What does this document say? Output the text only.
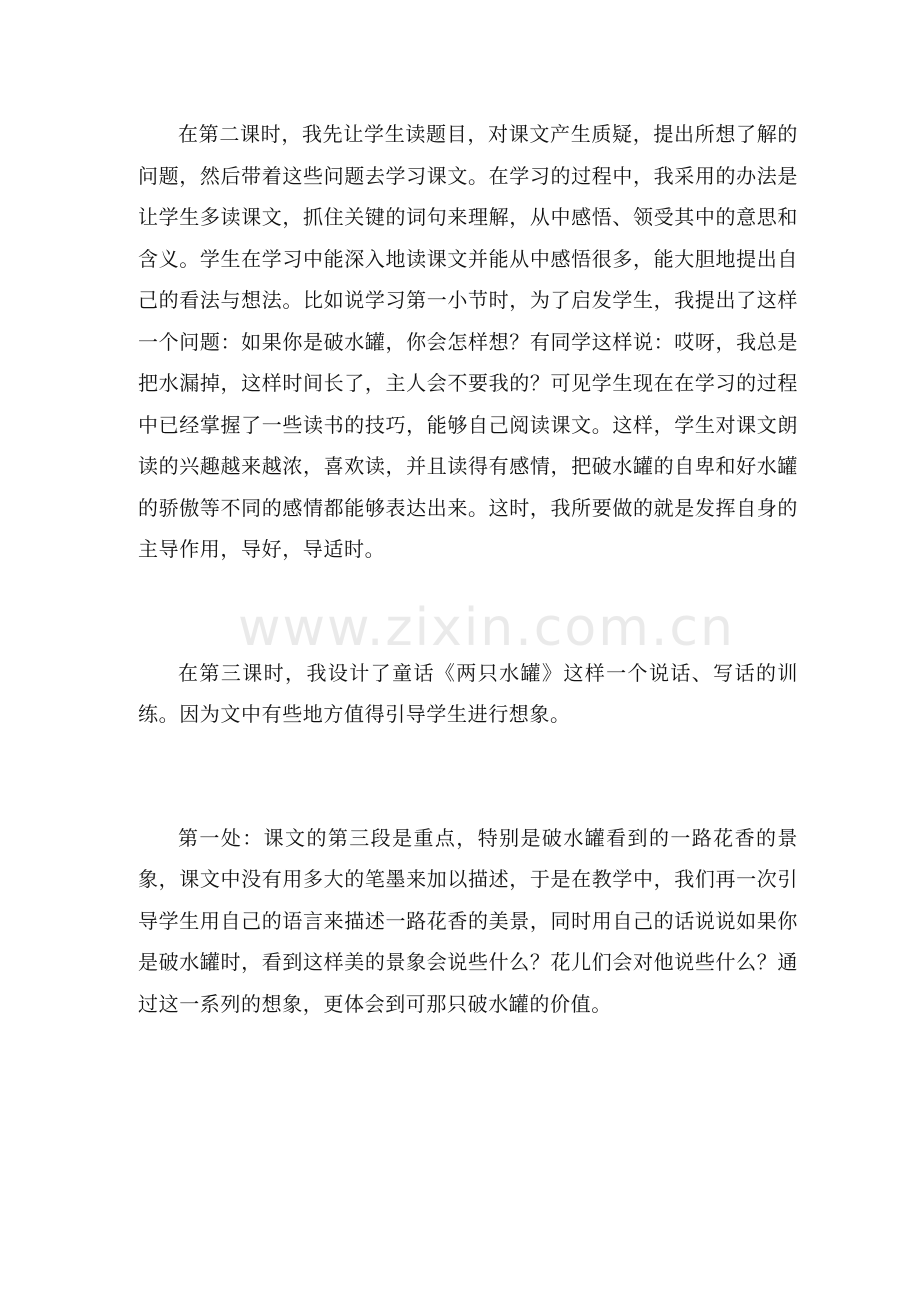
在第二课时，我先让学生读题目，对课文产生质疑，提出所想了解的问题，然后带着这些问题去学习课文。在学习的过程中，我采用的办法是让学生多读课文，抓住关键的词句来理解，从中感悟、领受其中的意思和含义。学生在学习中能深入地读课文并能从中感悟很多，能大胆地提出自己的看法与想法。比如说学习第一小节时，为了启发学生，我提出了这样一个问题：如果你是破水罐，你会怎样想？有同学这样说：哎呀，我总是把水漏掉，这样时间长了，主人会不要我的？可见学生现在在学习的过程中已经掌握了一些读书的技巧，能够自己阅读课文。这样，学生对课文朗读的兴趣越来越浓，喜欢读，并且读得有感情，把破水罐的自卑和好水罐的骄傲等不同的感情都能够表达出来。这时，我所要做的就是发挥自身的主导作用，导好，导适时。

在第三课时，我设计了童话《两只水罐》这样一个说话、写话的训练。因为文中有些地方值得引导学生进行想象。

第一处：课文的第三段是重点，特别是破水罐看到的一路花香的景象，课文中没有用多大的笔墨来加以描述，于是在教学中，我们再一次引导学生用自己的语言来描述一路花香的美景，同时用自己的话说说如果你是破水罐时，看到这样美的景象会说些什么？花儿们会对他说些什么？通过这一系列的想象，更体会到可那只破水罐的价值。

www.zixin.com.cn
